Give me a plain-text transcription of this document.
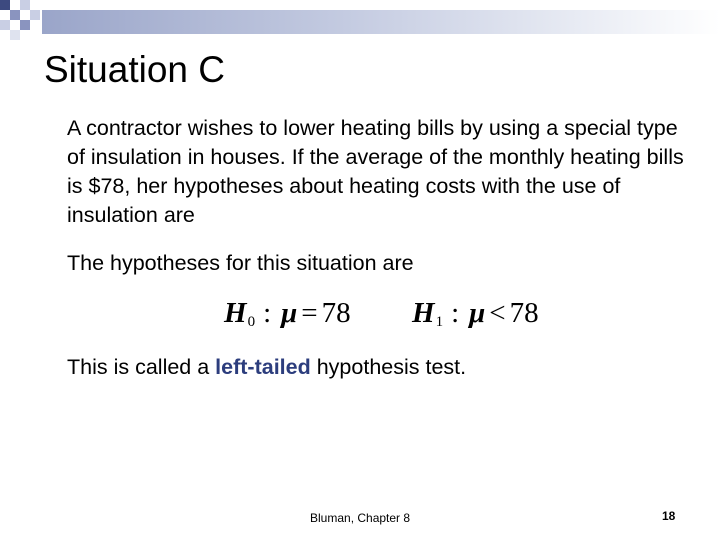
Situation C

A contractor wishes to lower heating bills by using a special type of insulation in houses. If the average of the monthly heating bills is $78, her hypotheses about heating costs with the use of insulation are

The hypotheses for this situation are

$H_0$ : μ = 78 $H_1$ : μ < 78

This is called a left-tailed hypothesis test.

Bluman, Chapter 8	18
